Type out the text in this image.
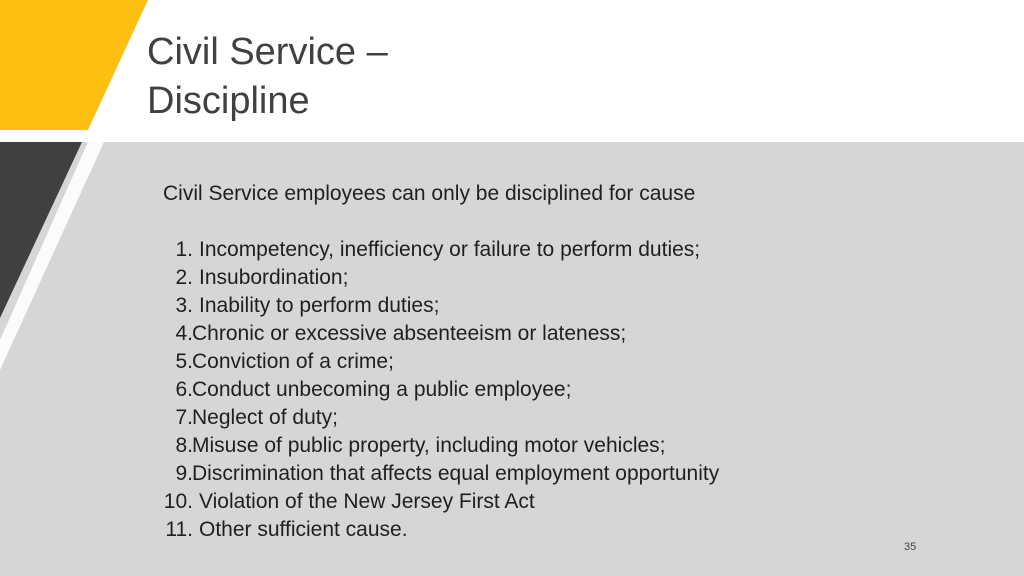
Civil Service –
Discipline
Civil Service employees can only be disciplined for cause
1. Incompetency, inefficiency or failure to perform duties;
2. Insubordination;
3. Inability to perform duties;
4. Chronic or excessive absenteeism or lateness;
5. Conviction of a crime;
6. Conduct unbecoming a public employee;
7. Neglect of duty;
8. Misuse of public property, including motor vehicles;
9. Discrimination that affects equal employment opportunity
10. Violation of the New Jersey First Act
11. Other sufficient cause.
35
